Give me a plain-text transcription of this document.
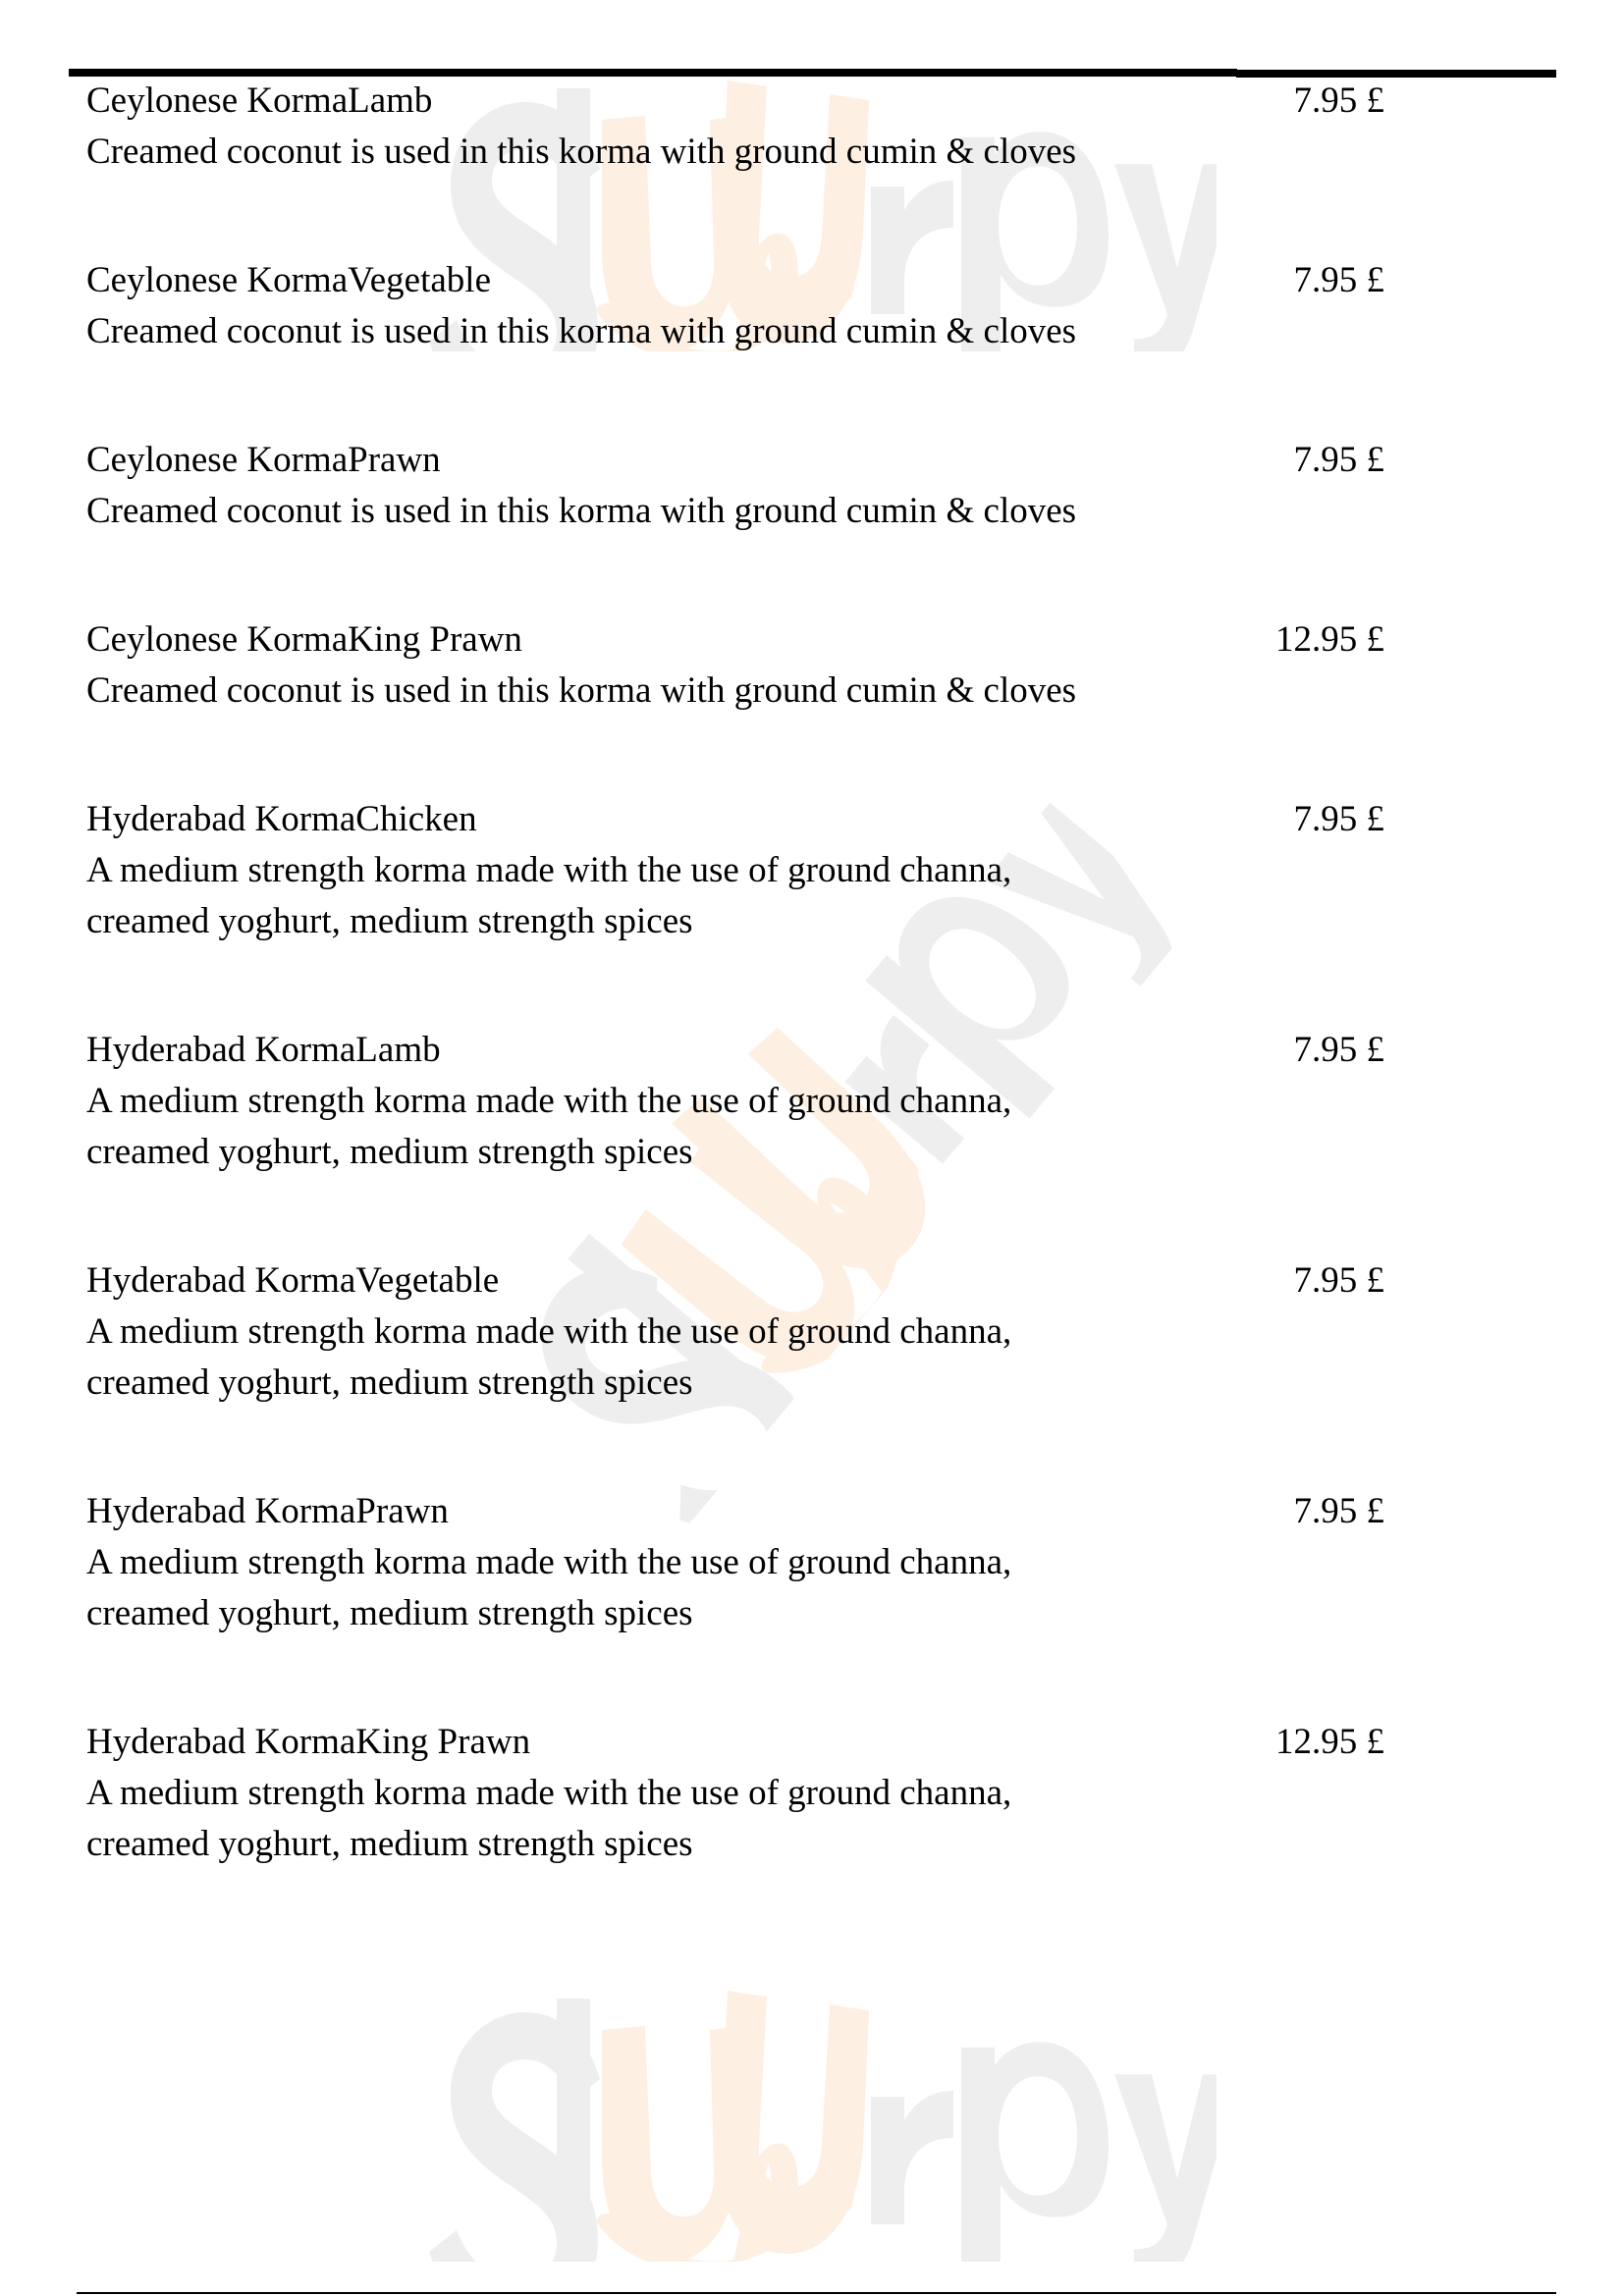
Ceylonese KormaLamb
Creamed coconut is used in this korma with ground cumin & cloves
7.95 £
Ceylonese KormaVegetable
Creamed coconut is used in this korma with ground cumin & cloves
7.95 £
Ceylonese KormaPrawn
Creamed coconut is used in this korma with ground cumin & cloves
7.95 £
Ceylonese KormaKing Prawn
Creamed coconut is used in this korma with ground cumin & cloves
12.95 £
Hyderabad KormaChicken
A medium strength korma made with the use of ground channa,
creamed yoghurt, medium strength spices
7.95 £
Hyderabad KormaLamb
A medium strength korma made with the use of ground channa,
creamed yoghurt, medium strength spices
7.95 £
Hyderabad KormaVegetable
A medium strength korma made with the use of ground channa,
creamed yoghurt, medium strength spices
7.95 £
Hyderabad KormaPrawn
A medium strength korma made with the use of ground channa,
creamed yoghurt, medium strength spices
7.95 £
Hyderabad KormaKing Prawn
A medium strength korma made with the use of ground channa,
creamed yoghurt, medium strength spices
12.95 £
